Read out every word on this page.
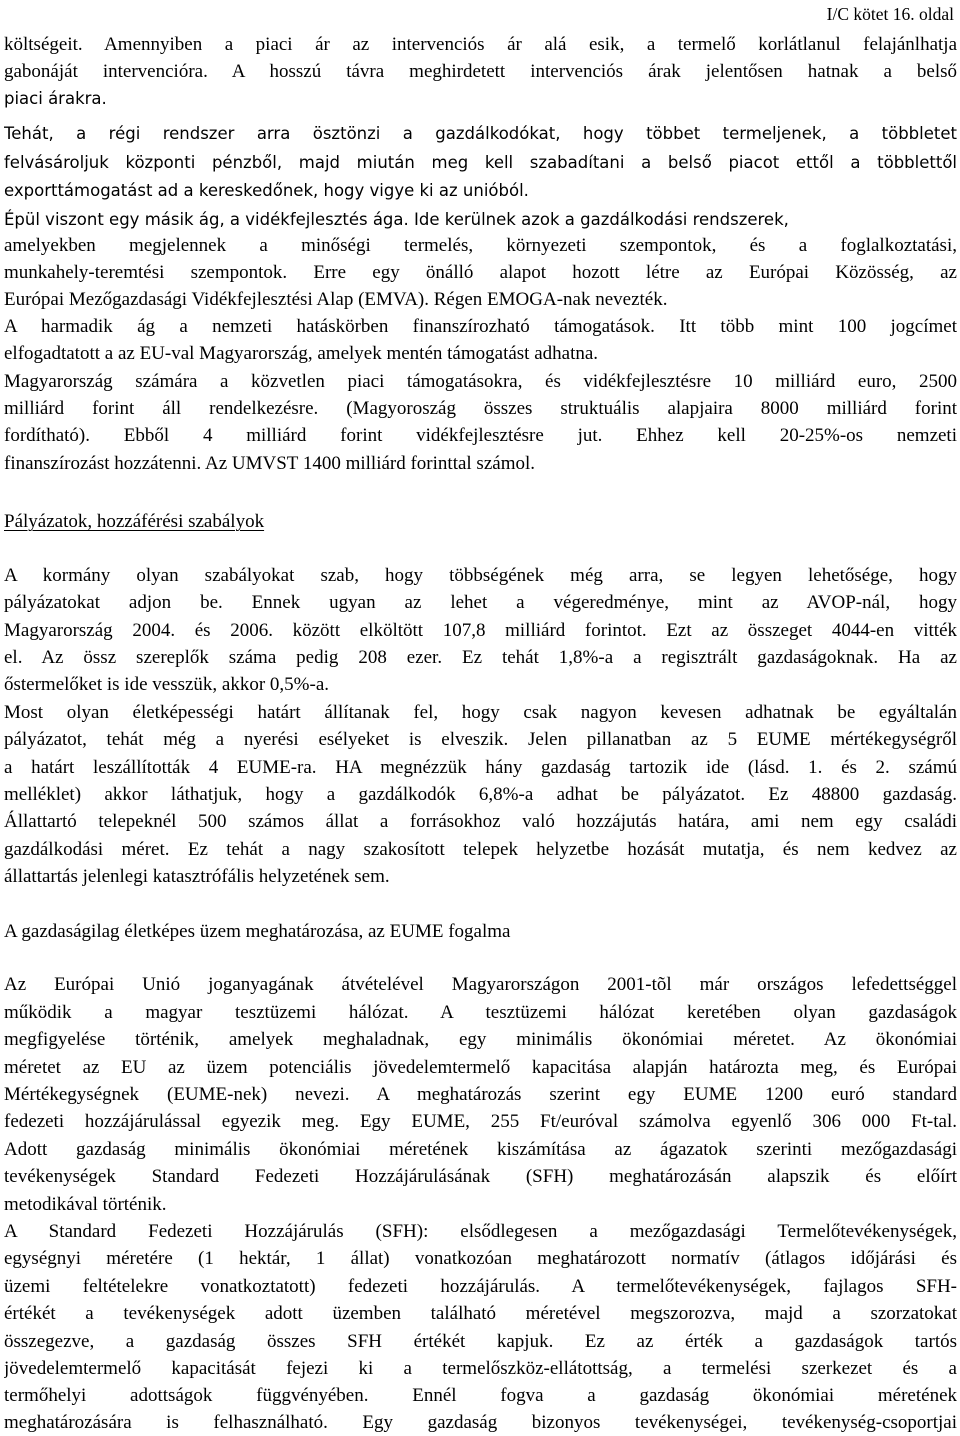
I/C kötet 16. oldal
költségeit. Amennyiben a piaci ár az intervenciós ár alá esik, a termelő korlátlanul felajánlhatja
gabonáját intervencióra. A hosszú távra meghirdetett intervenciós árak jelentősen hatnak a belső
piaci árakra.
Tehát, a régi rendszer arra ösztönzi a gazdálkodókat, hogy többet termeljenek, a többletet
felvásároljuk központi pénzből, majd miután meg kell szabadítani a belső piacot ettől a többlettől
exporttámogatást ad a kereskedőnek, hogy vigye ki az unióból.
Épül viszont egy másik ág, a vidékfejlesztés ága. Ide kerülnek azok a gazdálkodási rendszerek,
amelyekben megjelennek a minőségi termelés, környezeti szempontok, és a foglalkoztatási,
munkahely-teremtési szempontok. Erre egy önálló alapot hozott létre az Európai Közösség, az
Európai Mezőgazdasági Vidékfejlesztési Alap (EMVA). Régen EMOGA-nak nevezték.
A harmadik ág a nemzeti hatáskörben finanszírozható támogatások. Itt több mint 100 jogcímet
elfogadtatott a az EU-val Magyarország, amelyek mentén támogatást adhatna.
Magyarország számára a közvetlen piaci támogatásokra, és vidékfejlesztésre 10 milliárd euro, 2500
milliárd forint áll rendelkezésre. (Magyoroszág összes struktuális alapjaira 8000 milliárd forint
fordítható). Ebből 4 milliárd forint vidékfejlesztésre jut. Ehhez kell 20-25%-os nemzeti
finanszírozást hozzátenni. Az UMVST 1400 milliárd forinttal számol.
Pályázatok, hozzáférési szabályok
A kormány olyan szabályokat szab, hogy többségének még arra, se legyen lehetősége, hogy
pályázatokat adjon be. Ennek ugyan az lehet a végeredménye, mint az AVOP-nál, hogy
Magyarország 2004. és 2006. között elköltött 107,8 milliárd forintot. Ezt az összeget 4044-en vitték
el. Az össz szereplők száma pedig 208 ezer. Ez tehát 1,8%-a a regisztrált gazdaságoknak. Ha az
őstermelőket is ide vesszük, akkor 0,5%-a.
Most olyan életképességi határt állítanak fel, hogy csak nagyon kevesen adhatnak be egyáltalán
pályázatot, tehát még a nyerési esélyeket is elveszik. Jelen pillanatban az 5 EUME mértékegységről
a határt leszállították 4 EUME-ra. HA megnézzük hány gazdaság tartozik ide (lásd. 1. és 2. számú
melléklet) akkor láthatjuk, hogy a gazdálkodók 6,8%-a adhat be pályázatot. Ez 48800 gazdaság.
Állattartó telepeknél 500 számos állat a forrásokhoz való hozzájutás határa, ami nem egy családi
gazdálkodási méret. Ez tehát a nagy szakosított telepek helyzetbe hozását mutatja, és nem kedvez az
állattartás jelenlegi katasztrófális helyzetének sem.
A gazdaságilag életképes üzem meghatározása, az EUME fogalma
Az Európai Unió joganyagának átvételével Magyarországon 2001-tõl már országos lefedettséggel
működik a magyar tesztüzemi hálózat. A tesztüzemi hálózat keretében olyan gazdaságok
megfigyelése történik, amelyek meghaladnak, egy minimális ökonómiai méretet. Az ökonómiai
méretet az EU az üzem potenciális jövedelemtermelő kapacitása alapján határozta meg, és Európai
Mértékegységnek (EUME-nek) nevezi. A meghatározás szerint egy EUME 1200 euró standard
fedezeti hozzájárulással egyezik meg. Egy EUME, 255 Ft/euróval számolva egyenlő 306 000 Ft-tal.
Adott gazdaság minimális ökonómiai méretének kiszámítása az ágazatok szerinti mezőgazdasági
tevékenységek Standard Fedezeti Hozzájárulásának (SFH) meghatározásán alapszik és előírt
metodikával történik.
A Standard Fedezeti Hozzájárulás (SFH): elsődlegesen a mezőgazdasági Termelőtevékenységek,
egységnyi méretére (1 hektár, 1 állat) vonatkozóan meghatározott normatív (átlagos időjárási és
üzemi feltételekre vonatkoztatott) fedezeti hozzájárulás. A termelőtevékenységek, fajlagos SFH-
értékét a tevékenységek adott üzemben található méretével megszorozva, majd a szorzatokat
összegezve, a gazdaság összes SFH értékét kapjuk. Ez az érték a gazdaságok tartós
jövedelemtermelő kapacitását fejezi ki a termelőszköz-ellátottság, a termelési szerkezet és a
termőhelyi adottságok függvényében. Ennél fogva a gazdaság ökonómiai méretének
meghatározására is felhasználható. Egy gazdaság bizonyos tevékenységei, tevékenység-csoportjai
